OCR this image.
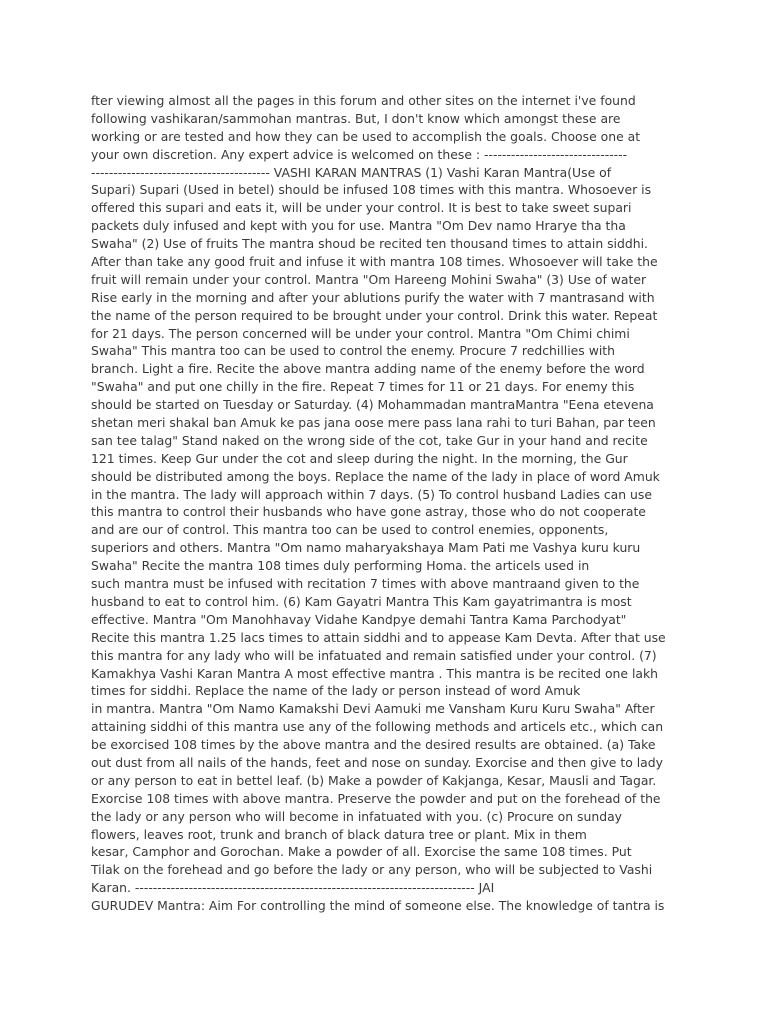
fter viewing almost all the pages in this forum and other sites on the internet i've found
following vashikaran/sammohan mantras. But, I don't know which amongst these are
working or are tested and how they can be used to accomplish the goals. Choose one at
your own discretion. Any expert advice is welcomed on these : --------------------------------
---------------------------------------- VASHI KARAN MANTRAS (1) Vashi Karan Mantra(Use of
Supari) Supari (Used in betel) should be infused 108 times with this mantra. Whosoever is
offered this supari and eats it, will be under your control. It is best to take sweet supari
packets duly infused and kept with you for use. Mantra "Om Dev namo Hrarye tha tha
Swaha" (2) Use of fruits The mantra shoud be recited ten thousand times to attain siddhi.
After than take any good fruit and infuse it with mantra 108 times. Whosoever will take the
fruit will remain under your control. Mantra "Om Hareeng Mohini Swaha" (3) Use of water
Rise early in the morning and after your ablutions purify the water with 7 mantrasand with
the name of the person required to be brought under your control. Drink this water. Repeat
for 21 days. The person concerned will be under your control. Mantra "Om Chimi chimi
Swaha" This mantra too can be used to control the enemy. Procure 7 redchillies with
branch. Light a fire. Recite the above mantra adding name of the enemy before the word
"Swaha" and put one chilly in the fire. Repeat 7 times for 11 or 21 days. For enemy this
should be started on Tuesday or Saturday. (4) Mohammadan mantraMantra "Eena etevena
shetan meri shakal ban Amuk ke pas jana oose mere pass lana rahi to turi Bahan, par teen
san tee talag" Stand naked on the wrong side of the cot, take Gur in your hand and recite
121 times. Keep Gur under the cot and sleep during the night. In the morning, the Gur
should be distributed among the boys. Replace the name of the lady in place of word Amuk
in the mantra. The lady will approach within 7 days. (5) To control husband Ladies can use
this mantra to control their husbands who have gone astray, those who do not cooperate
and are our of control. This mantra too can be used to control enemies, opponents,
superiors and others. Mantra "Om namo maharyakshaya Mam Pati me Vashya kuru kuru
Swaha" Recite the mantra 108 times duly performing Homa. the articels used in
such mantra must be infused with recitation 7 times with above mantraand given to the
husband to eat to control him. (6) Kam Gayatri Mantra This Kam gayatrimantra is most
effective. Mantra "Om Manohhavay Vidahe Kandpye demahi Tantra Kama Parchodyat"
Recite this mantra 1.25 lacs times to attain siddhi and to appease Kam Devta. After that use
this mantra for any lady who will be infatuated and remain satisfied under your control. (7)
Kamakhya Vashi Karan Mantra A most effective mantra . This mantra is be recited one lakh
times for siddhi. Replace the name of the lady or person instead of word Amuk
in mantra. Mantra "Om Namo Kamakshi Devi Aamuki me Vansham Kuru Kuru Swaha" After
attaining siddhi of this mantra use any of the following methods and articels etc., which can
be exorcised 108 times by the above mantra and the desired results are obtained. (a) Take
out dust from all nails of the hands, feet and nose on sunday. Exorcise and then give to lady
or any person to eat in bettel leaf. (b) Make a powder of Kakjanga, Kesar, Mausli and Tagar.
Exorcise 108 times with above mantra. Preserve the powder and put on the forehead of the
the lady or any person who will become in infatuated with you. (c) Procure on sunday
flowers, leaves root, trunk and branch of black datura tree or plant. Mix in them
kesar, Camphor and Gorochan. Make a powder of all. Exorcise the same 108 times. Put
Tilak on the forehead and go before the lady or any person, who will be subjected to Vashi
Karan. ---------------------------------------------------------------------------- JAI
GURUDEV Mantra: Aim For controlling the mind of someone else. The knowledge of tantra is
